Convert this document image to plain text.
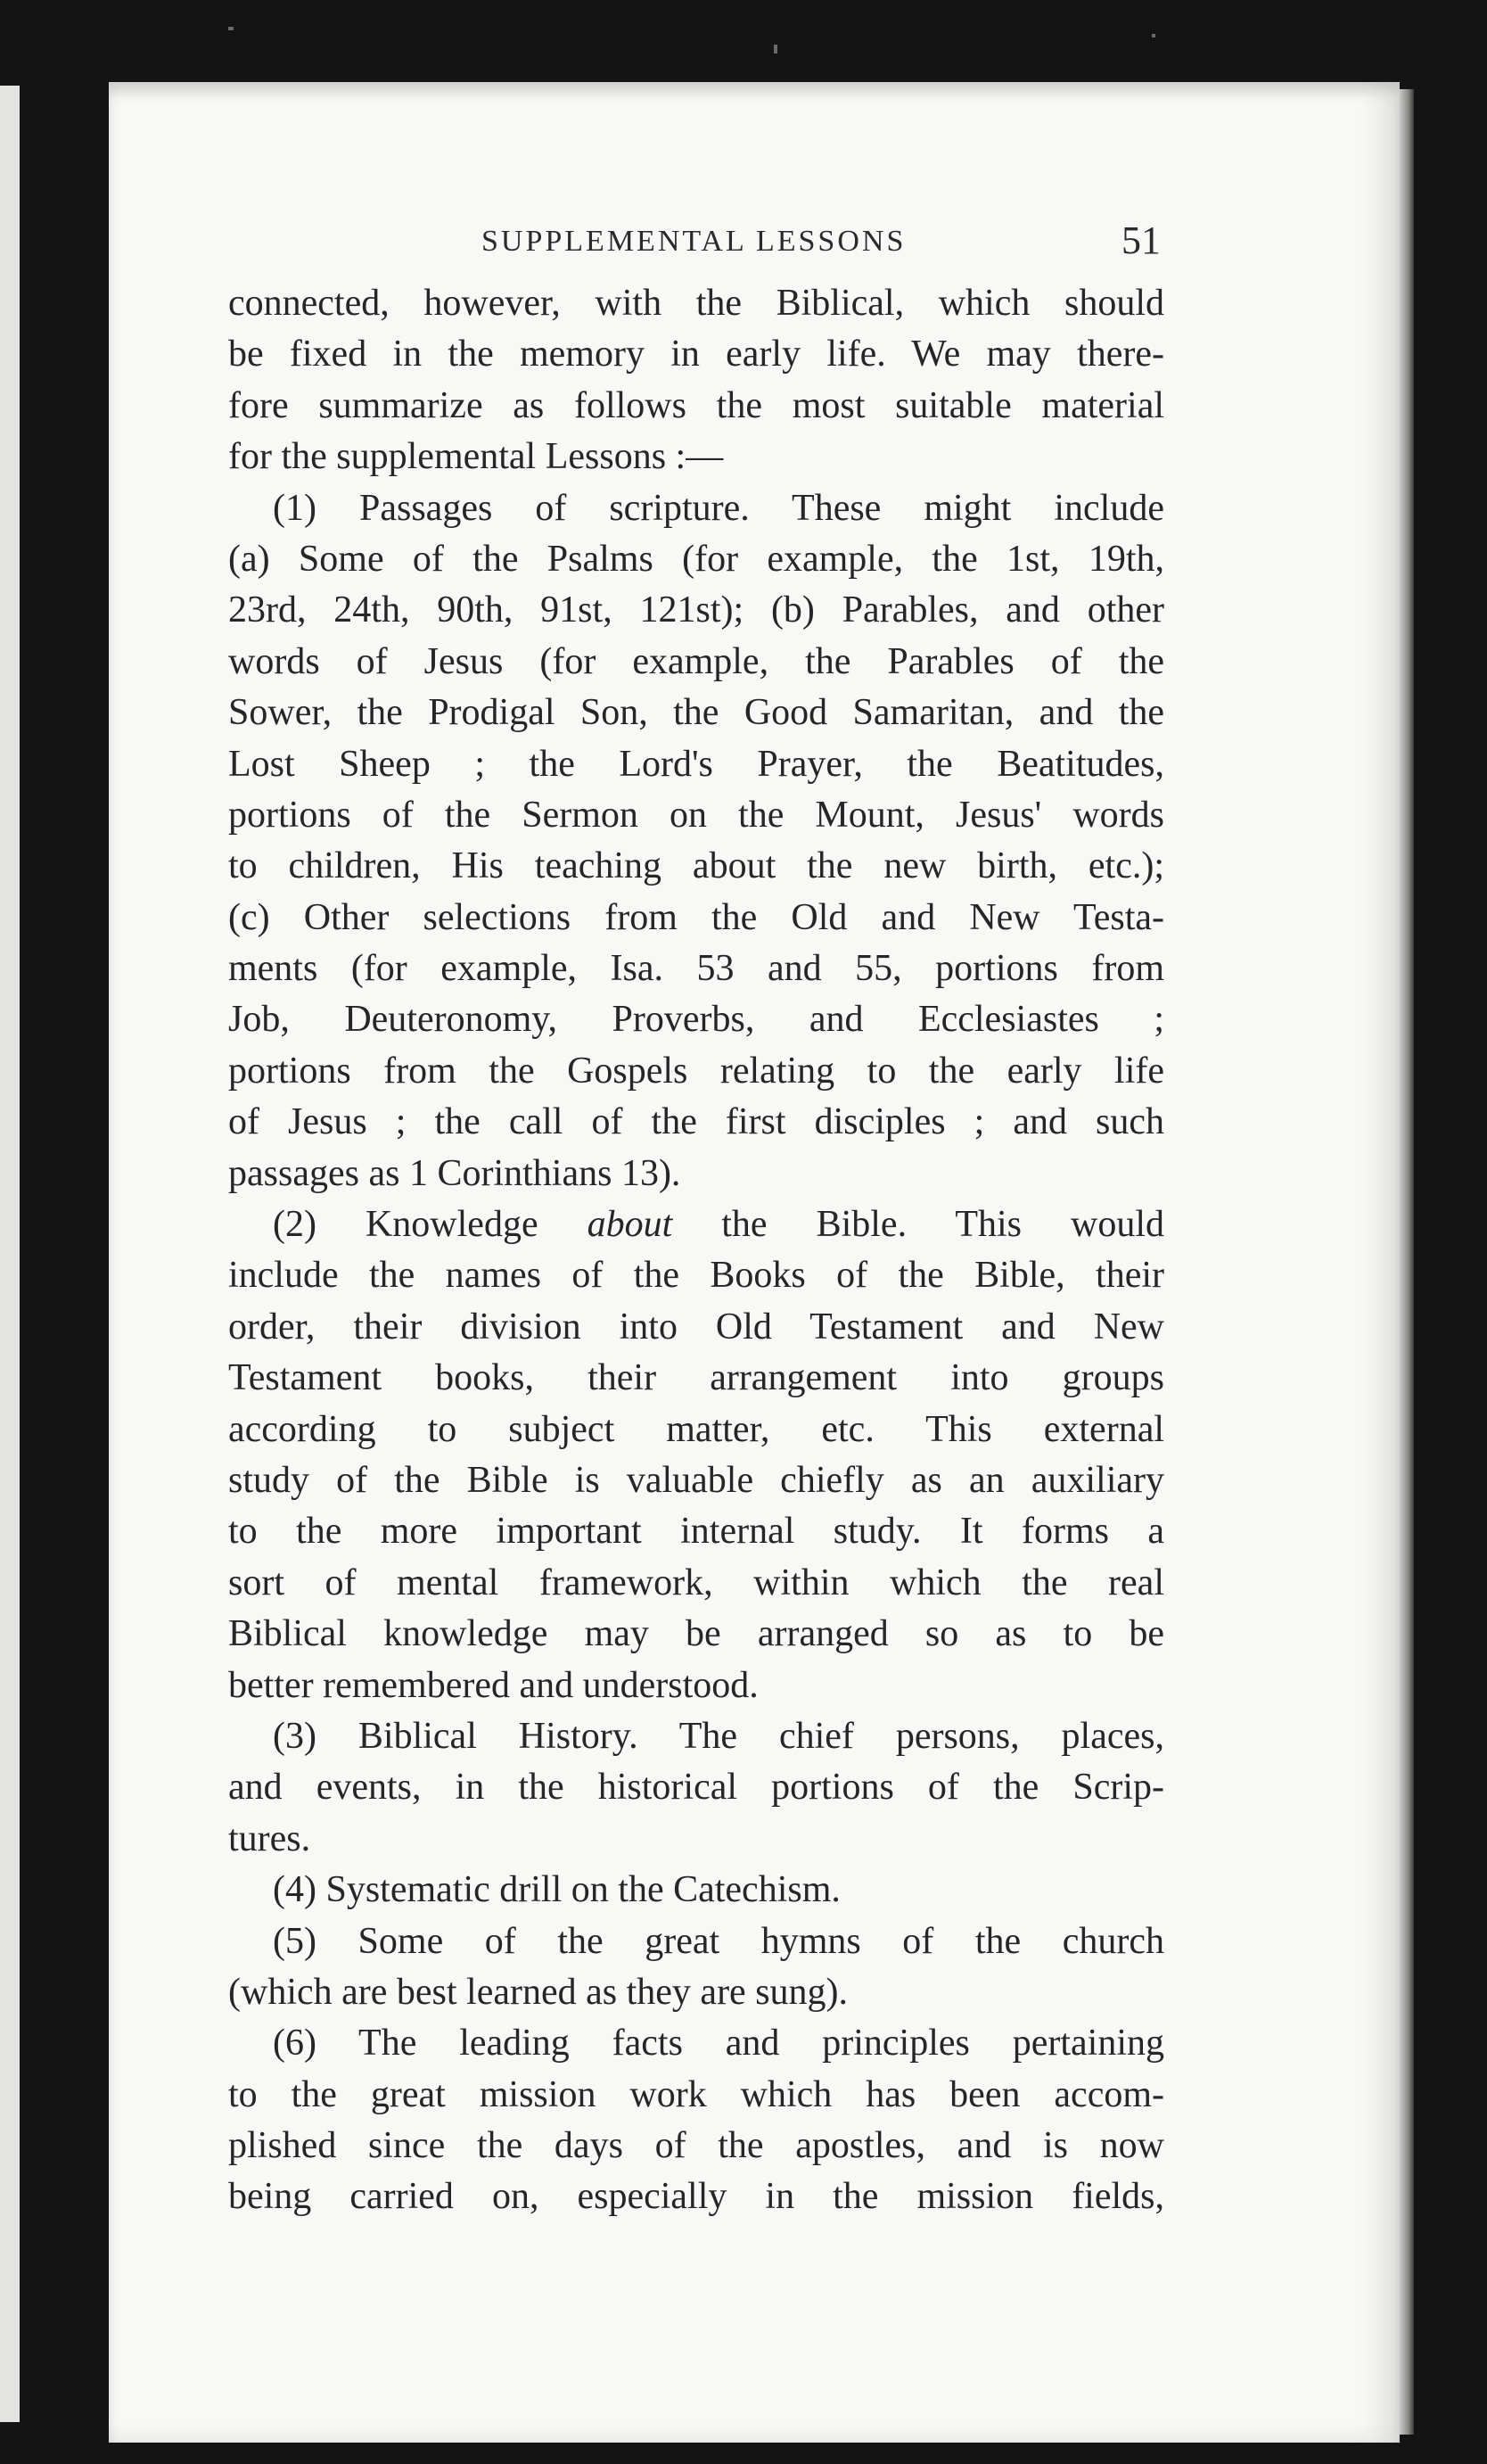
SUPPLEMENTAL LESSONS	51
connected, however, with the Biblical, which should
be fixed in the memory in early life. We may there-
fore summarize as follows the most suitable material
for the supplemental Lessons :—
(1) Passages of scripture. These might include
(a) Some of the Psalms (for example, the 1st, 19th,
23rd, 24th, 90th, 91st, 121st); (b) Parables, and other
words of Jesus (for example, the Parables of the
Sower, the Prodigal Son, the Good Samaritan, and the
Lost Sheep ; the Lord's Prayer, the Beatitudes,
portions of the Sermon on the Mount, Jesus' words
to children, His teaching about the new birth, etc.);
(c) Other selections from the Old and New Testa-
ments (for example, Isa. 53 and 55, portions from
Job, Deuteronomy, Proverbs, and Ecclesiastes ;
portions from the Gospels relating to the early life
of Jesus ; the call of the first disciples ; and such
passages as 1 Corinthians 13).
(2) Knowledge about the Bible. This would
include the names of the Books of the Bible, their
order, their division into Old Testament and New
Testament books, their arrangement into groups
according to subject matter, etc. This external
study of the Bible is valuable chiefly as an auxiliary
to the more important internal study. It forms a
sort of mental framework, within which the real
Biblical knowledge may be arranged so as to be
better remembered and understood.
(3) Biblical History. The chief persons, places,
and events, in the historical portions of the Scrip-
tures.
(4) Systematic drill on the Catechism.
(5) Some of the great hymns of the church
(which are best learned as they are sung).
(6) The leading facts and principles pertaining
to the great mission work which has been accom-
plished since the days of the apostles, and is now
being carried on, especially in the mission fields,
